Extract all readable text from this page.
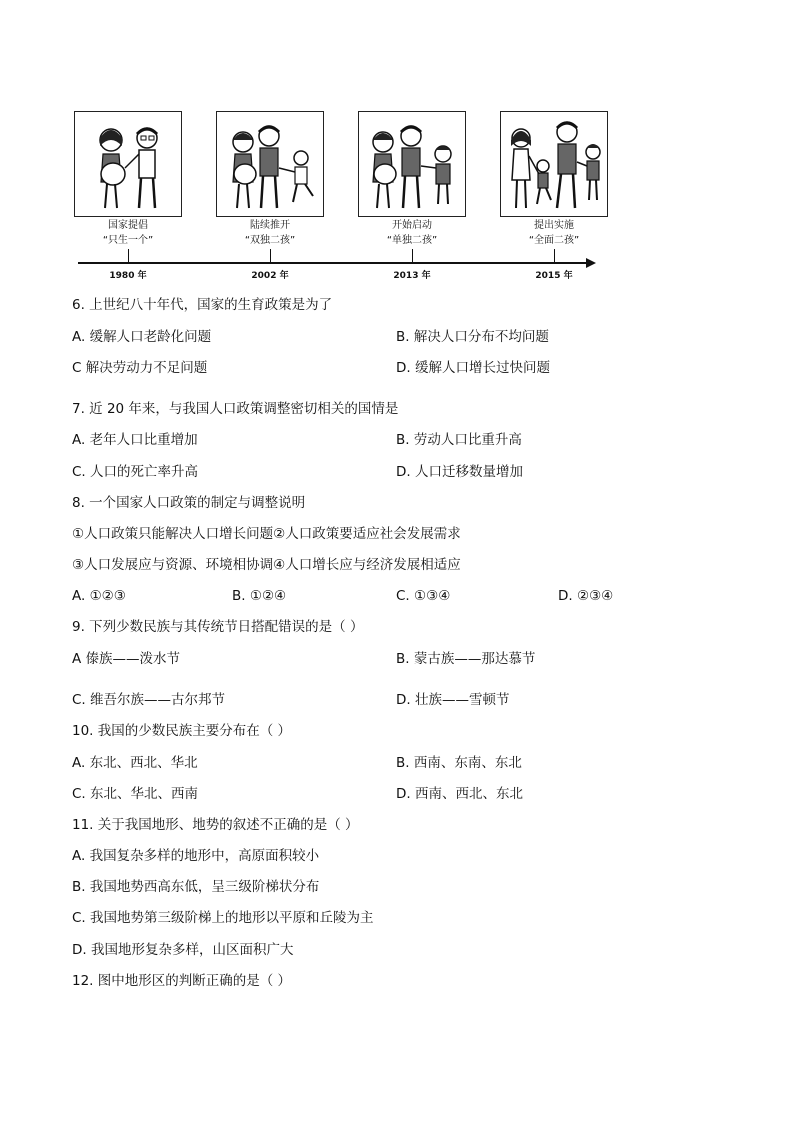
国家提倡
“只生一个”
陆续推开
“双独二孩”
开始启动
“单独二孩”
提出实施
“全面二孩”
1980 年	2002 年	2013 年	2015 年
6. 上世纪八十年代，国家的生育政策是为了
A. 缓解人口老龄化问题	B. 解决人口分布不均问题
C 解决劳动力不足问题	D. 缓解人口增长过快问题
7. 近 20 年来，与我国人口政策调整密切相关的国情是
A. 老年人口比重增加	B. 劳动人口比重升高
C. 人口的死亡率升高	D. 人口迁移数量增加
8. 一个国家人口政策的制定与调整说明
①人口政策只能解决人口增长问题②人口政策要适应社会发展需求
③人口发展应与资源、环境相协调④人口增长应与经济发展相适应
A. ①②③	B. ①②④	C. ①③④	D. ②③④
9. 下列少数民族与其传统节日搭配错误的是（ ）
A 傣族——泼水节	B. 蒙古族——那达慕节
C. 维吾尔族——古尔邦节	D. 壮族——雪顿节
10. 我国的少数民族主要分布在（ ）
A. 东北、西北、华北	B. 西南、东南、东北
C. 东北、华北、西南	D. 西南、西北、东北
11. 关于我国地形、地势的叙述不正确的是（ ）
A. 我国复杂多样的地形中，高原面积较小
B. 我国地势西高东低，呈三级阶梯状分布
C. 我国地势第三级阶梯上的地形以平原和丘陵为主
D. 我国地形复杂多样，山区面积广大
12. 图中地形区的判断正确的是（ ）
